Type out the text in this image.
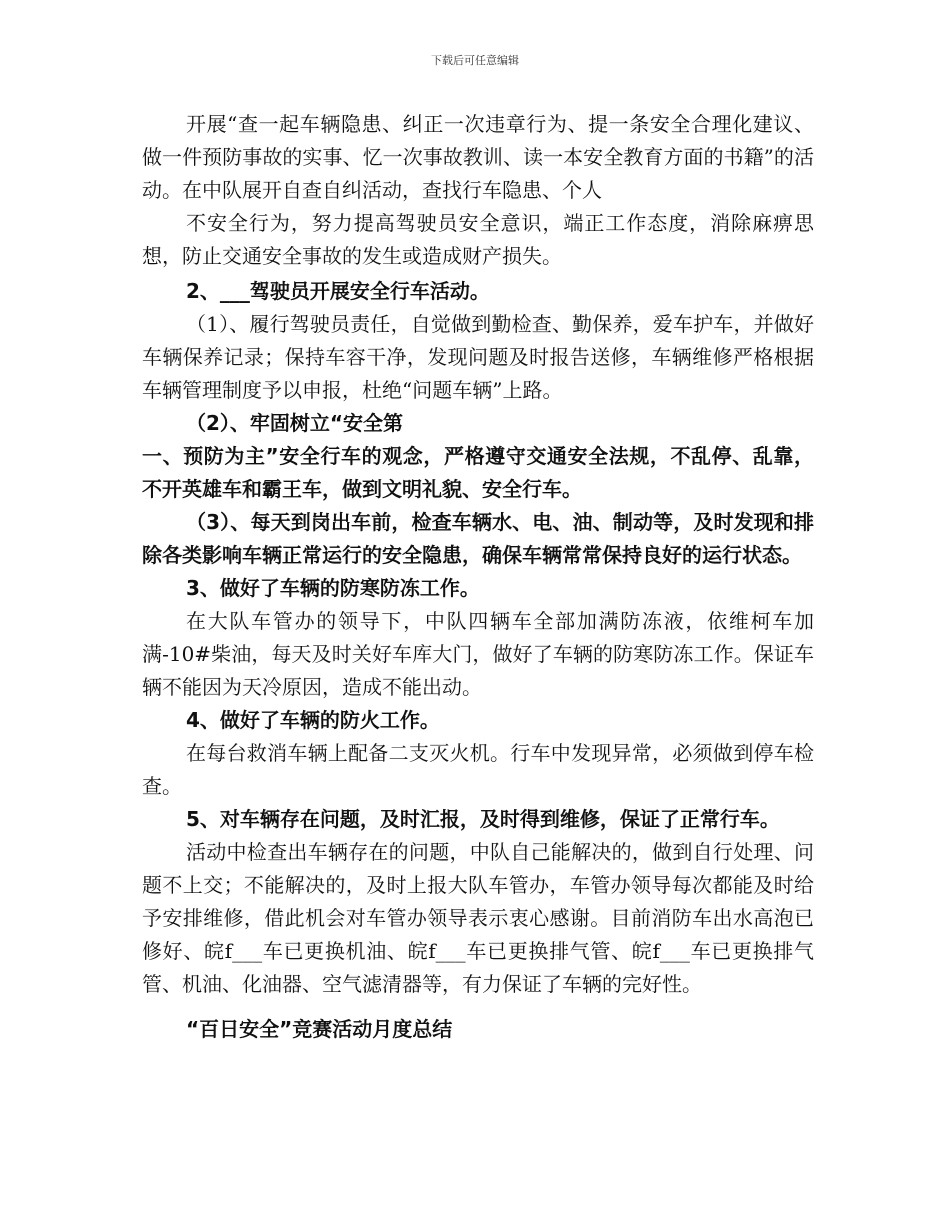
下载后可任意编辑

开展“查一起车辆隐患、纠正一次违章行为、提一条安全合理化建议、做一件预防事故的实事、忆一次事故教训、读一本安全教育方面的书籍”的活动。在中队展开自查自纠活动，查找行车隐患、个人

不安全行为，努力提高驾驶员安全意识，端正工作态度，消除麻痹思想，防止交通安全事故的发生或造成财产损失。

2、___驾驶员开展安全行车活动。

（1）、履行驾驶员责任，自觉做到勤检查、勤保养，爱车护车，并做好车辆保养记录；保持车容干净，发现问题及时报告送修，车辆维修严格根据车辆管理制度予以申报，杜绝“问题车辆”上路。

（2）、牢固树立“安全第

一、预防为主”安全行车的观念，严格遵守交通安全法规，不乱停、乱靠，不开英雄车和霸王车，做到文明礼貌、安全行车。

（3）、每天到岗出车前，检查车辆水、电、油、制动等，及时发现和排除各类影响车辆正常运行的安全隐患，确保车辆常常保持良好的运行状态。

3、做好了车辆的防寒防冻工作。

在大队车管办的领导下，中队四辆车全部加满防冻液，依维柯车加满-10#柴油，每天及时关好车库大门，做好了车辆的防寒防冻工作。保证车辆不能因为天冷原因，造成不能出动。

4、做好了车辆的防火工作。

在每台救消车辆上配备二支灭火机。行车中发现异常，必须做到停车检查。

5、对车辆存在问题，及时汇报，及时得到维修，保证了正常行车。

活动中检查出车辆存在的问题，中队自己能解决的，做到自行处理、问题不上交；不能解决的，及时上报大队车管办，车管办领导每次都能及时给予安排维修，借此机会对车管办领导表示衷心感谢。目前消防车出水高泡已修好、皖f___车已更换机油、皖f___车已更换排气管、皖f___车已更换排气管、机油、化油器、空气滤清器等，有力保证了车辆的完好性。

“百日安全”竞赛活动月度总结
